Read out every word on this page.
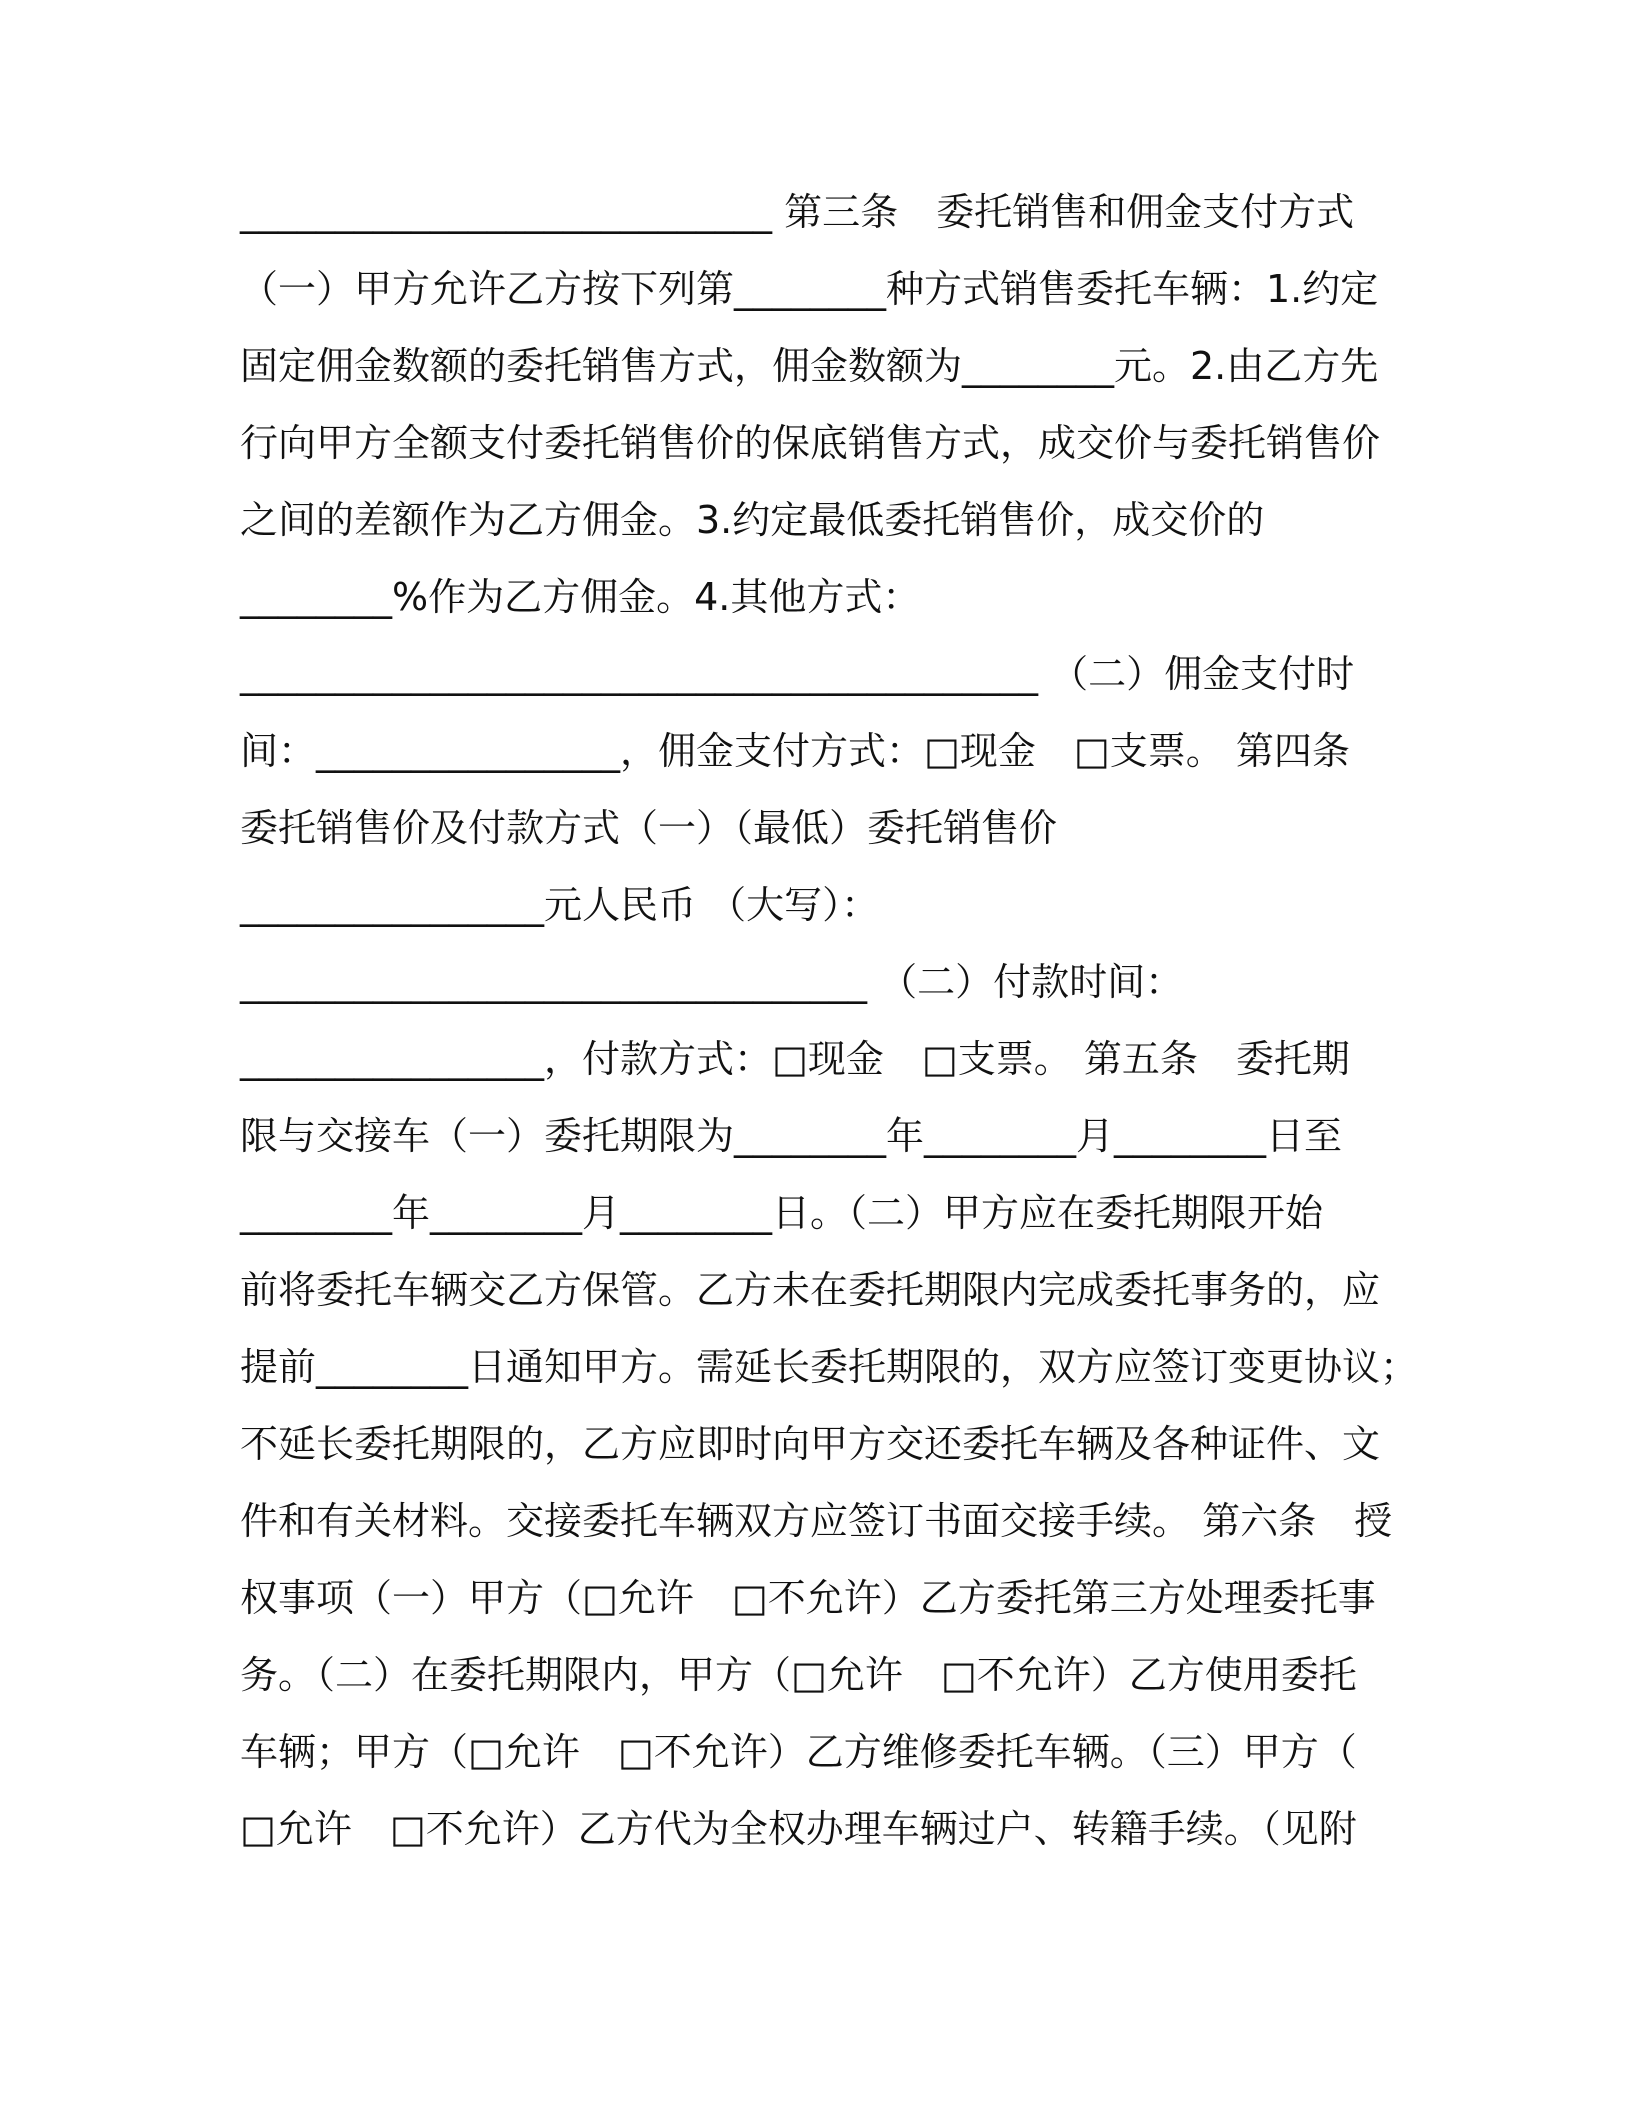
____________________________ 第三条　委托销售和佣金支付方式
（一）甲方允许乙方按下列第________种方式销售委托车辆：1.约定
固定佣金数额的委托销售方式，佣金数额为________元。2.由乙方先
行向甲方全额支付委托销售价的保底销售方式，成交价与委托销售价
之间的差额作为乙方佣金。3.约定最低委托销售价，成交价的
________%作为乙方佣金。4.其他方式：
__________________________________________ （二）佣金支付时
间：________________，佣金支付方式：□现金　□支票。 第四条
委托销售价及付款方式（一）（最低）委托销售价
________________元人民币 （大写）：
_________________________________ （二）付款时间：
________________，付款方式：□现金　□支票。 第五条　委托期
限与交接车（一）委托期限为________年________月________日至
________年________月________日。（二）甲方应在委托期限开始
前将委托车辆交乙方保管。乙方未在委托期限内完成委托事务的，应
提前________日通知甲方。需延长委托期限的，双方应签订变更协议；
不延长委托期限的，乙方应即时向甲方交还委托车辆及各种证件、文
件和有关材料。交接委托车辆双方应签订书面交接手续。 第六条　授
权事项（一）甲方（□允许　□不允许）乙方委托第三方处理委托事
务。（二）在委托期限内，甲方（□允许　□不允许）乙方使用委托
车辆；甲方（□允许　□不允许）乙方维修委托车辆。（三）甲方（
□允许　□不允许）乙方代为全权办理车辆过户、转籍手续。（见附
